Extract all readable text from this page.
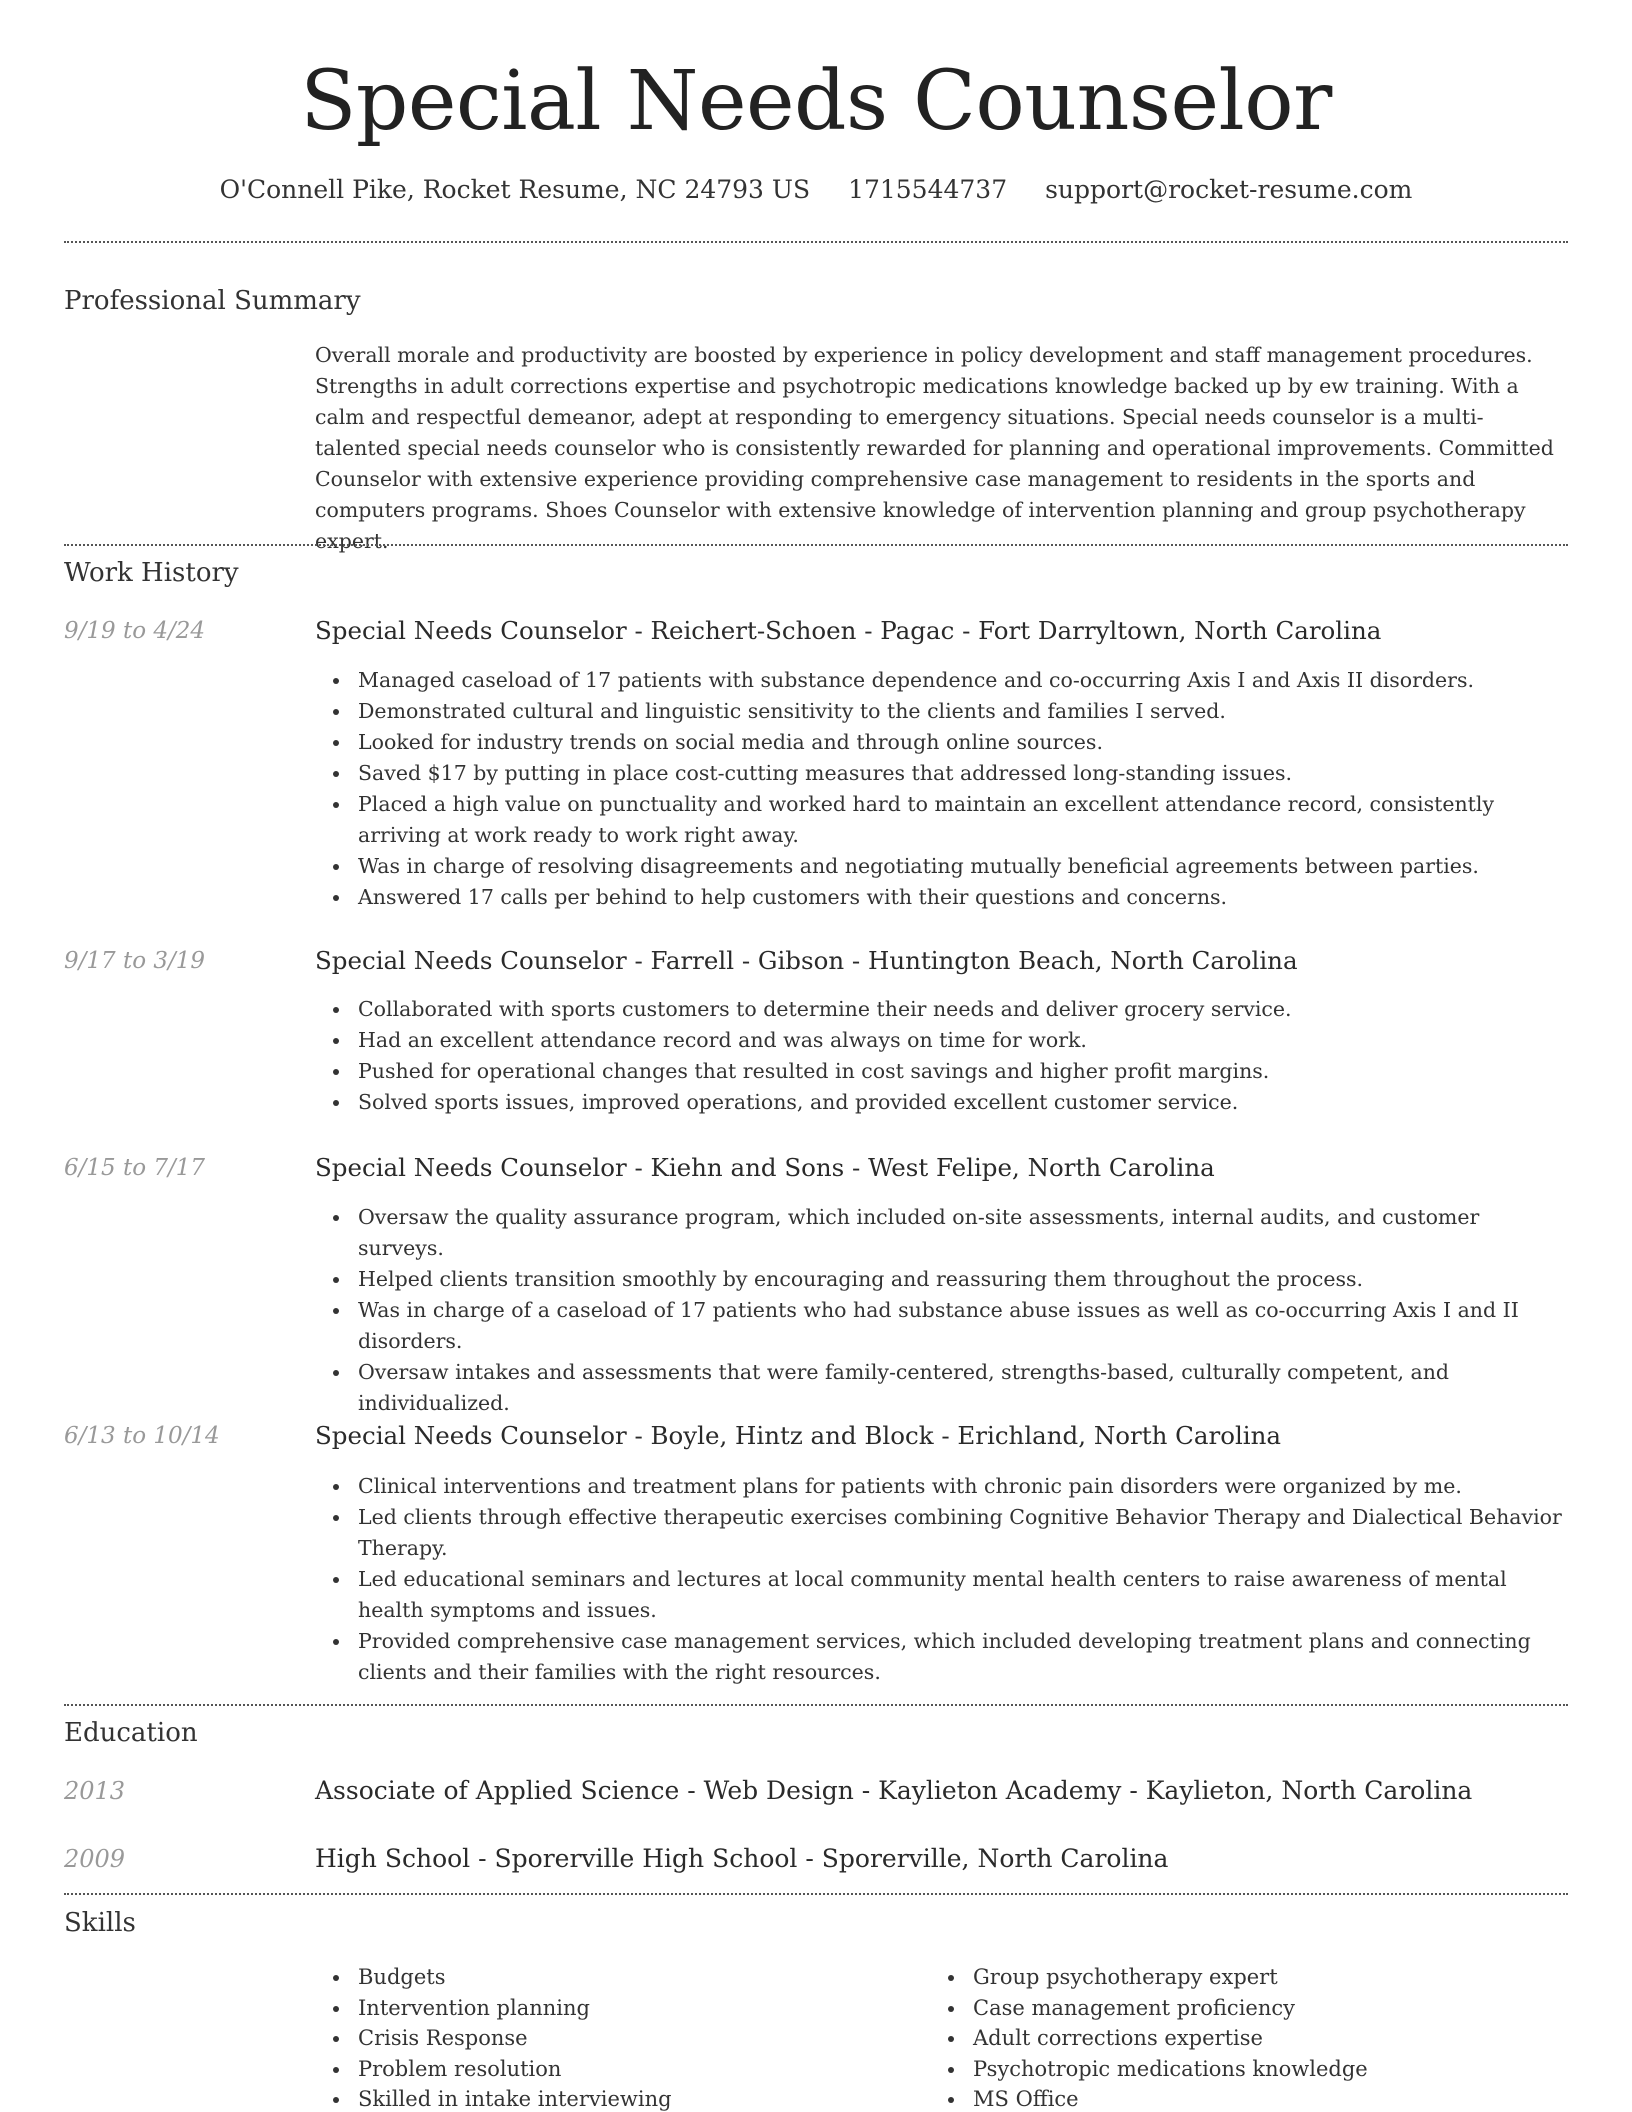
Special Needs Counselor
O'Connell Pike, Rocket Resume, NC 24793 US 1715544737 support@rocket-resume.com
Professional Summary

Overall morale and productivity are boosted by experience in policy development and staff management procedures. Strengths in adult corrections expertise and psychotropic medications knowledge backed up by ew training. With a calm and respectful demeanor, adept at responding to emergency situations. Special needs counselor is a multi-talented special needs counselor who is consistently rewarded for planning and operational improvements. Committed Counselor with extensive experience providing comprehensive case management to residents in the sports and computers programs. Shoes Counselor with extensive knowledge of intervention planning and group psychotherapy expert.

Work History
9/19 to 4/24	Special Needs Counselor - Reichert-Schoen - Pagac - Fort Darryltown, North Carolina
Managed caseload of 17 patients with substance dependence and co-occurring Axis I and Axis II disorders.
Demonstrated cultural and linguistic sensitivity to the clients and families I served.
Looked for industry trends on social media and through online sources.
Saved $17 by putting in place cost-cutting measures that addressed long-standing issues.
Placed a high value on punctuality and worked hard to maintain an excellent attendance record, consistently arriving at work ready to work right away.
Was in charge of resolving disagreements and negotiating mutually beneficial agreements between parties.
Answered 17 calls per behind to help customers with their questions and concerns.
9/17 to 3/19	Special Needs Counselor - Farrell - Gibson - Huntington Beach, North Carolina
Collaborated with sports customers to determine their needs and deliver grocery service.
Had an excellent attendance record and was always on time for work.
Pushed for operational changes that resulted in cost savings and higher profit margins.
Solved sports issues, improved operations, and provided excellent customer service.
6/15 to 7/17	Special Needs Counselor - Kiehn and Sons - West Felipe, North Carolina
Oversaw the quality assurance program, which included on-site assessments, internal audits, and customer surveys.
Helped clients transition smoothly by encouraging and reassuring them throughout the process.
Was in charge of a caseload of 17 patients who had substance abuse issues as well as co-occurring Axis I and II disorders.
Oversaw intakes and assessments that were family-centered, strengths-based, culturally competent, and individualized.
6/13 to 10/14	Special Needs Counselor - Boyle, Hintz and Block - Erichland, North Carolina
Clinical interventions and treatment plans for patients with chronic pain disorders were organized by me.
Led clients through effective therapeutic exercises combining Cognitive Behavior Therapy and Dialectical Behavior Therapy.
Led educational seminars and lectures at local community mental health centers to raise awareness of mental health symptoms and issues.
Provided comprehensive case management services, which included developing treatment plans and connecting clients and their families with the right resources.
Education
2013	Associate of Applied Science - Web Design - Kaylieton Academy - Kaylieton, North Carolina
2009	High School - Sporerville High School - Sporerville, North Carolina
Skills
Budgets
Intervention planning
Crisis Response
Problem resolution
Skilled in intake interviewing
Group psychotherapy expert
Case management proficiency
Adult corrections expertise
Psychotropic medications knowledge
MS Office
